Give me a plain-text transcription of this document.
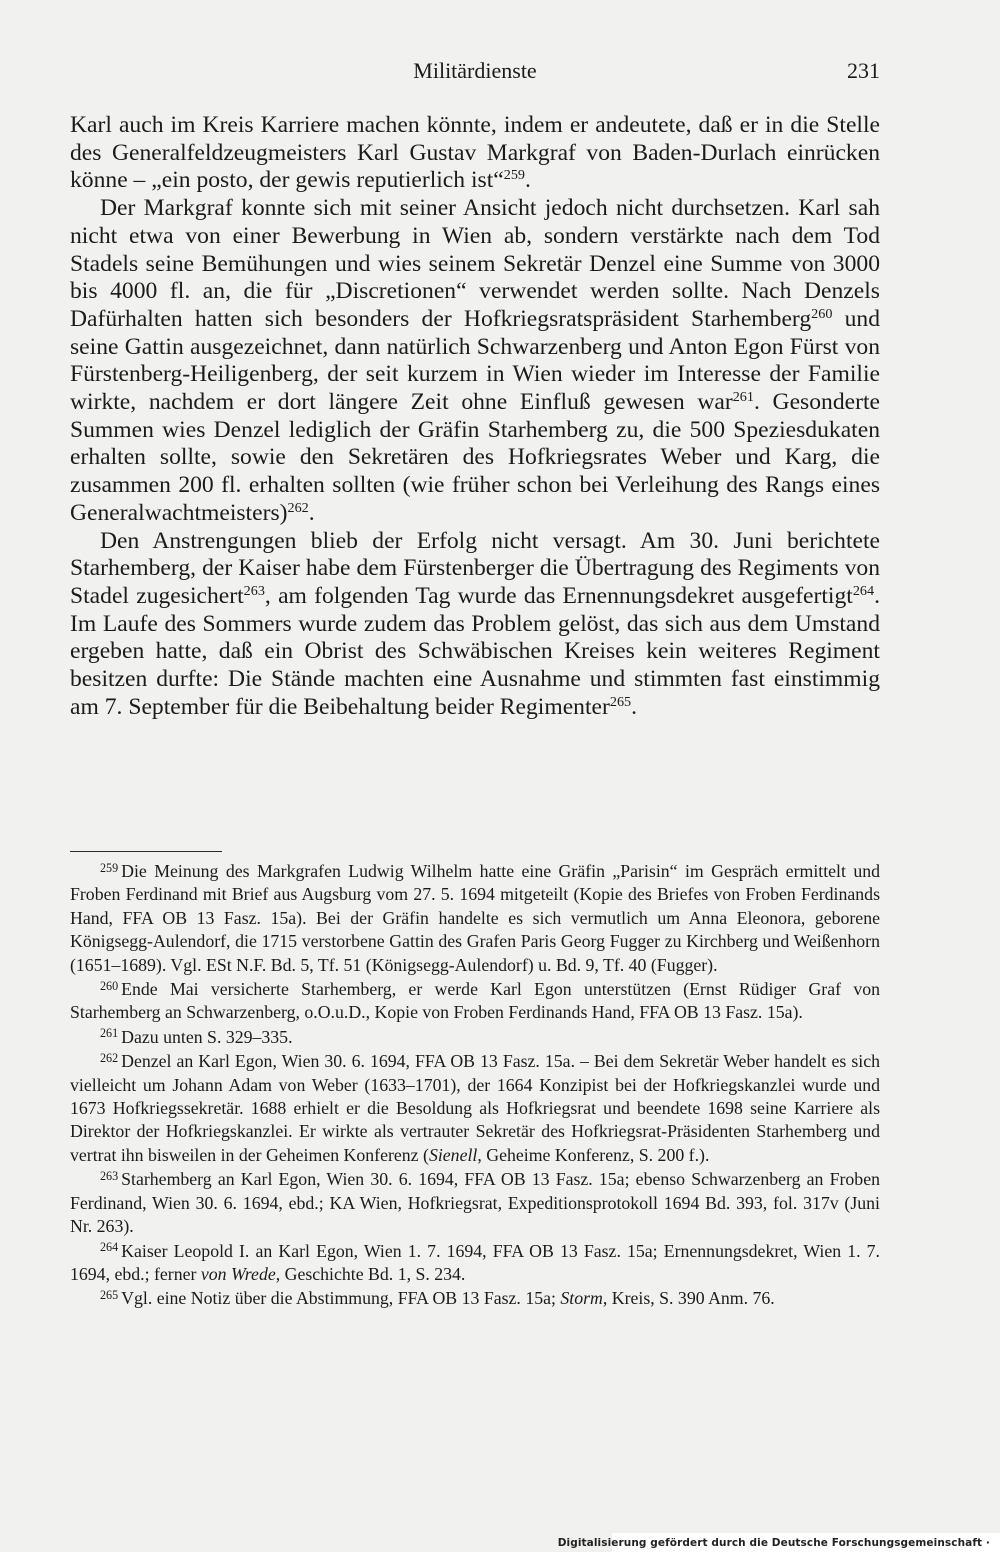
Militärdienste	231

Karl auch im Kreis Karriere machen könnte, indem er andeutete, daß er in die Stelle des Generalfeldzeugmeisters Karl Gustav Markgraf von Baden-Durlach einrücken könne – „ein posto, der gewis reputierlich ist“$^{259}$.

Der Markgraf konnte sich mit seiner Ansicht jedoch nicht durchsetzen. Karl sah nicht etwa von einer Bewerbung in Wien ab, sondern verstärkte nach dem Tod Stadels seine Bemühungen und wies seinem Sekretär Denzel eine Summe von 3000 bis 4000 fl. an, die für „Discretionen“ verwendet werden sollte. Nach Denzels Dafürhalten hatten sich besonders der Hofkriegsratspräsident Starhemberg$^{260}$ und seine Gattin ausgezeichnet, dann natürlich Schwarzenberg und Anton Egon Fürst von Fürstenberg-Heiligenberg, der seit kurzem in Wien wieder im Interesse der Familie wirkte, nachdem er dort längere Zeit ohne Einfluß gewesen war$^{261}$. Gesonderte Summen wies Denzel lediglich der Gräfin Starhemberg zu, die 500 Speziesdukaten erhalten sollte, sowie den Sekretären des Hofkriegsrates Weber und Karg, die zusammen 200 fl. erhalten sollten (wie früher schon bei Verleihung des Rangs eines Generalwachtmeisters)$^{262}$.

Den Anstrengungen blieb der Erfolg nicht versagt. Am 30. Juni berichtete Starhemberg, der Kaiser habe dem Fürstenberger die Übertragung des Regiments von Stadel zugesichert$^{263}$, am folgenden Tag wurde das Ernennungsdekret ausgefertigt$^{264}$. Im Laufe des Sommers wurde zudem das Problem gelöst, das sich aus dem Umstand ergeben hatte, daß ein Obrist des Schwäbischen Kreises kein weiteres Regiment besitzen durfte: Die Stände machten eine Ausnahme und stimmten fast einstimmig am 7. September für die Beibehaltung beider Regimenter$^{265}$.

$^{259}$ Die Meinung des Markgrafen Ludwig Wilhelm hatte eine Gräfin „Parisin“ im Gespräch ermittelt und Froben Ferdinand mit Brief aus Augsburg vom 27. 5. 1694 mitgeteilt (Kopie des Briefes von Froben Ferdinands Hand, FFA OB 13 Fasz. 15a). Bei der Gräfin handelte es sich vermutlich um Anna Eleonora, geborene Königsegg-Aulendorf, die 1715 verstorbene Gattin des Grafen Paris Georg Fugger zu Kirchberg und Weißenhorn (1651–1689). Vgl. ESt N.F. Bd. 5, Tf. 51 (Königsegg-Aulendorf) u. Bd. 9, Tf. 40 (Fugger).

$^{260}$ Ende Mai versicherte Starhemberg, er werde Karl Egon unterstützen (Ernst Rüdiger Graf von Starhemberg an Schwarzenberg, o.O.u.D., Kopie von Froben Ferdinands Hand, FFA OB 13 Fasz. 15a).

$^{261}$ Dazu unten S. 329–335.

$^{262}$ Denzel an Karl Egon, Wien 30. 6. 1694, FFA OB 13 Fasz. 15a. – Bei dem Sekretär Weber handelt es sich vielleicht um Johann Adam von Weber (1633–1701), der 1664 Konzipist bei der Hofkriegskanzlei wurde und 1673 Hofkriegssekretär. 1688 erhielt er die Besoldung als Hofkriegsrat und beendete 1698 seine Karriere als Direktor der Hofkriegskanzlei. Er wirkte als vertrauter Sekretär des Hofkriegsrat-Präsidenten Starhemberg und vertrat ihn bisweilen in der Geheimen Konferenz (Sienell, Geheime Konferenz, S. 200 f.).

$^{263}$ Starhemberg an Karl Egon, Wien 30. 6. 1694, FFA OB 13 Fasz. 15a; ebenso Schwarzenberg an Froben Ferdinand, Wien 30. 6. 1694, ebd.; KA Wien, Hofkriegsrat, Expeditionsprotokoll 1694 Bd. 393, fol. 317v (Juni Nr. 263).

$^{264}$ Kaiser Leopold I. an Karl Egon, Wien 1. 7. 1694, FFA OB 13 Fasz. 15a; Ernennungsdekret, Wien 1. 7. 1694, ebd.; ferner von Wrede, Geschichte Bd. 1, S. 234.

$^{265}$ Vgl. eine Notiz über die Abstimmung, FFA OB 13 Fasz. 15a; Storm, Kreis, S. 390 Anm. 76.

Digitalisierung gefördert durch die Deutsche Forschungsgemeinschaft ·
